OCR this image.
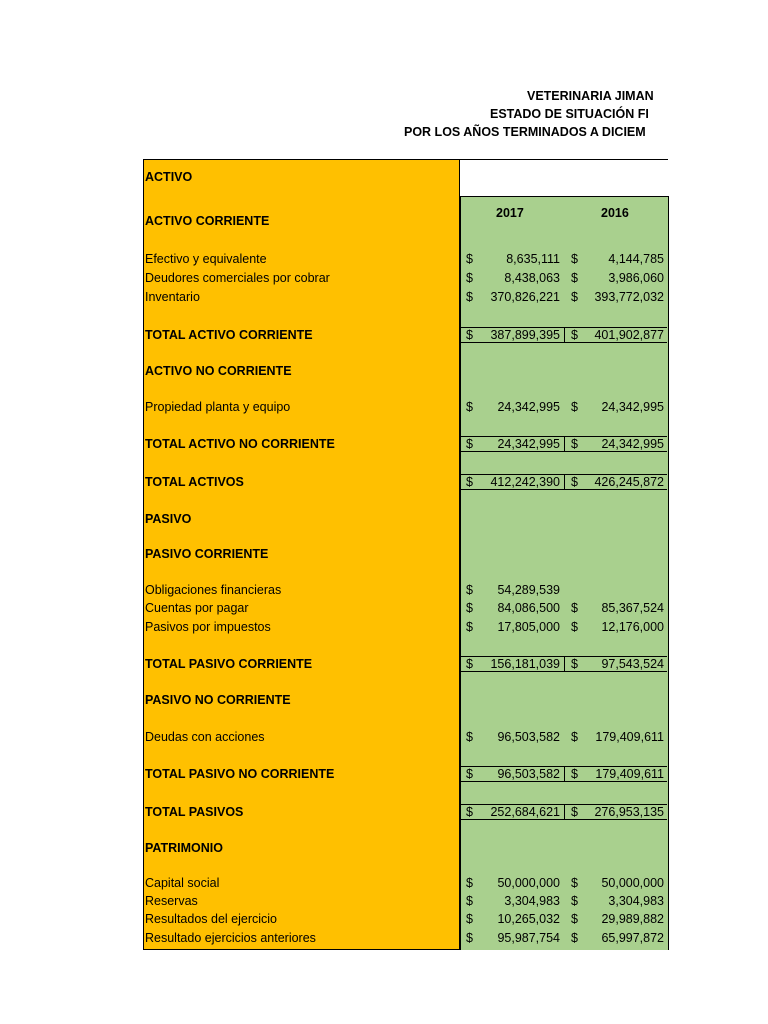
VETERINARIA JIMAN
ESTADO DE SITUACIÓN FI
POR LOS AÑOS TERMINADOS A DICIEM
2017	2016
ACTIVO
ACTIVO CORRIENTE
Efectivo y equivalente	$	8,635,111 $ 4,144,785
Deudores comerciales por cobrar	$	8,438,063 $ 3,986,060
Inventario	$ 370,826,221 $ 393,772,032
TOTAL ACTIVO CORRIENTE	$ 387,899,395 $ 401,902,877
ACTIVO NO CORRIENTE
Propiedad planta y equipo	$ 24,342,995 $ 24,342,995
TOTAL ACTIVO NO CORRIENTE	$ 24,342,995 $ 24,342,995
TOTAL ACTIVOS	$ 412,242,390 $ 426,245,872
PASIVO
PASIVO CORRIENTE
Obligaciones financieras	$ 54,289,539
Cuentas por pagar	$ 84,086,500 $ 85,367,524
Pasivos por impuestos	$ 17,805,000 $ 12,176,000
TOTAL PASIVO CORRIENTE	$ 156,181,039 $ 97,543,524
PASIVO NO CORRIENTE
Deudas con acciones	$ 96,503,582 $ 179,409,611
TOTAL PASIVO NO CORRIENTE	$ 96,503,582 $ 179,409,611
TOTAL PASIVOS	$ 252,684,621 $ 276,953,135
PATRIMONIO
Capital social	$ 50,000,000 $ 50,000,000
Reservas	$	3,304,983 $ 3,304,983
Resultados del ejercicio	$ 10,265,032 $ 29,989,882
Resultado ejercicios anteriores	$ 95,987,754 $ 65,997,872
